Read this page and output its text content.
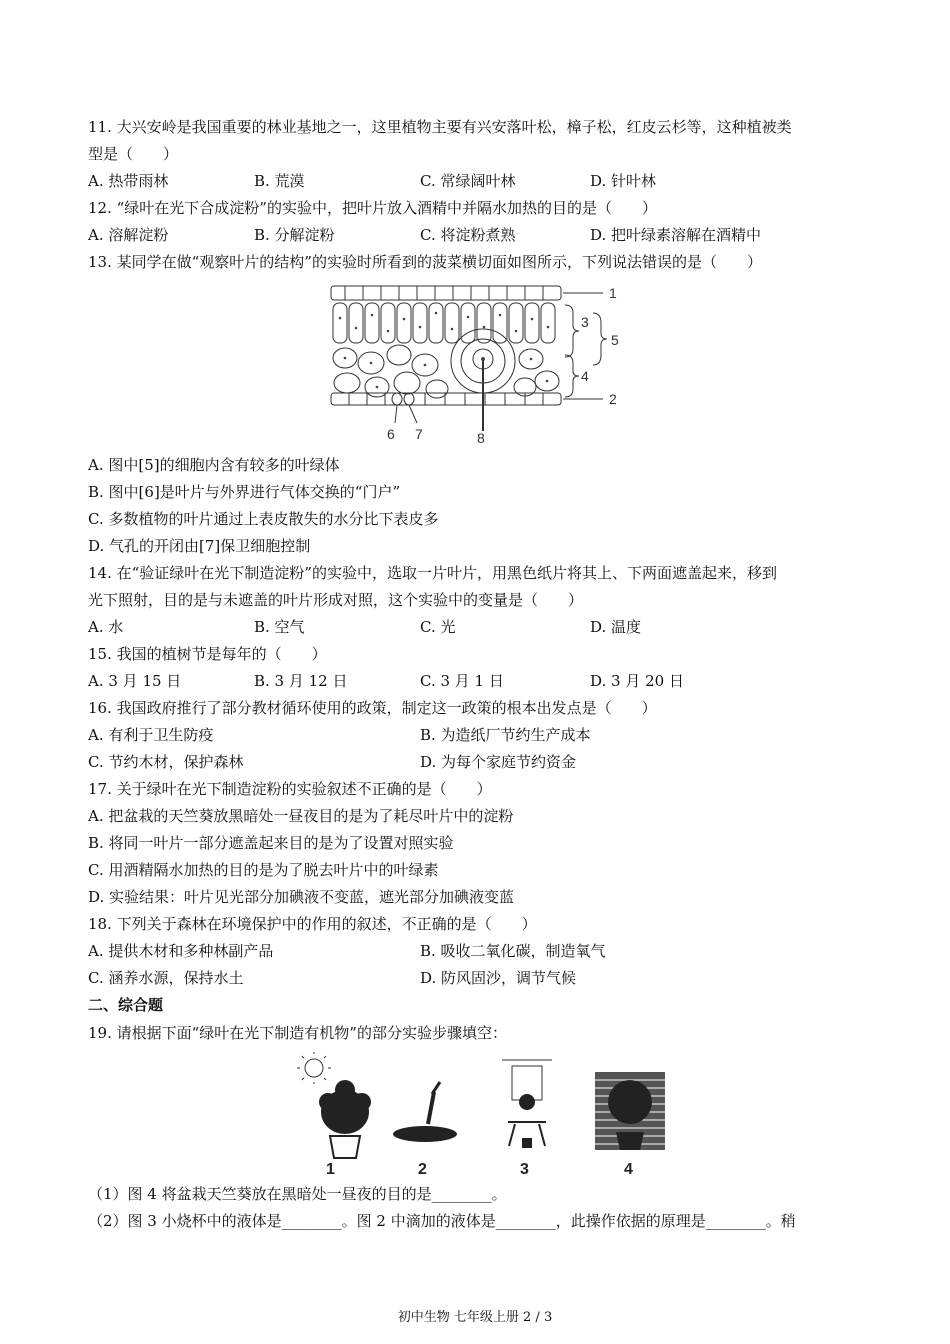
11. 大兴安岭是我国重要的林业基地之一，这里植物主要有兴安落叶松，樟子松，红皮云杉等，这种植被类
型是（　　）
A. 热带雨林	B. 荒漠	C. 常绿阔叶林	D. 针叶林
12. “绿叶在光下合成淀粉”的实验中，把叶片放入酒精中并隔水加热的目的是（　　）
A. 溶解淀粉	B. 分解淀粉	C. 将淀粉煮熟	D. 把叶绿素溶解在酒精中
13. 某同学在做“观察叶片的结构”的实验时所看到的菠菜横切面如图所示，下列说法错误的是（　　）
1
2
3
4
5
6 7	8
A. 图中[5]的细胞内含有较多的叶绿体
B. 图中[6]是叶片与外界进行气体交换的“门户”
C. 多数植物的叶片通过上表皮散失的水分比下表皮多
D. 气孔的开闭由[7]保卫细胞控制
14. 在“验证绿叶在光下制造淀粉”的实验中，选取一片叶片，用黑色纸片将其上、下两面遮盖起来，移到
光下照射，目的是与未遮盖的叶片形成对照，这个实验中的变量是（　　）
A. 水	B. 空气	C. 光	D. 温度
15. 我国的植树节是每年的（　　）
A. 3 月 15 日	B. 3 月 12 日	C. 3 月 1 日	D. 3 月 20 日
16. 我国政府推行了部分教材循环使用的政策，制定这一政策的根本出发点是（　　）
A. 有利于卫生防疫	B. 为造纸厂节约生产成本
C. 节约木材，保护森林	D. 为每个家庭节约资金
17. 关于绿叶在光下制造淀粉的实验叙述不正确的是（　　）
A. 把盆栽的天竺葵放黑暗处一昼夜目的是为了耗尽叶片中的淀粉
B. 将同一叶片一部分遮盖起来目的是为了设置对照实验
C. 用酒精隔水加热的目的是为了脱去叶片中的叶绿素
D. 实验结果：叶片见光部分加碘液不变蓝，遮光部分加碘液变蓝
18. 下列关于森林在环境保护中的作用的叙述，不正确的是（　　）
A. 提供木材和多种林副产品	B. 吸收二氧化碳，制造氧气
C. 涵养水源，保持水土	D. 防风固沙，调节气候
二、综合题
19. 请根据下面“绿叶在光下制造有机物”的部分实验步骤填空：
1	2	3	4
（1）图 4 将盆栽天竺葵放在黑暗处一昼夜的目的是________。
（2）图 3 小烧杯中的液体是________。图 2 中滴加的液体是________，此操作依据的原理是________。稍
初中生物 七年级上册 2 / 3
